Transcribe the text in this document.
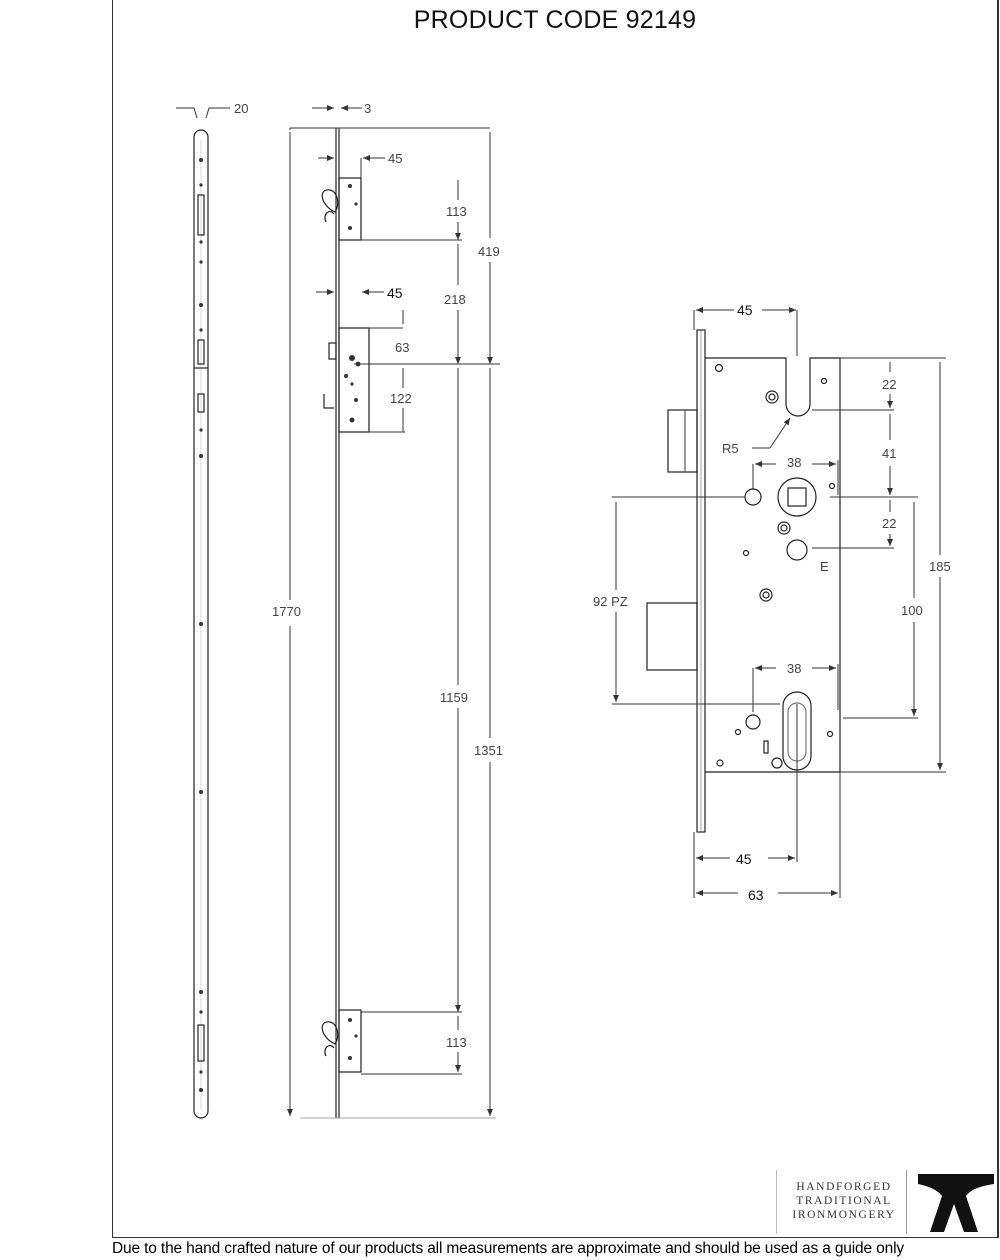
PRODUCT CODE 92149
20	3
45
113
419
218
45
63
122
1770
1159
1351
113
45
22
R5	41
38
22
E	185
92 PZ
100
38
45
63
HANDFORGED
TRADITIONAL
IRONMONGERY
Due to the hand crafted nature of our products all measurements are approximate and should be used as a guide only
